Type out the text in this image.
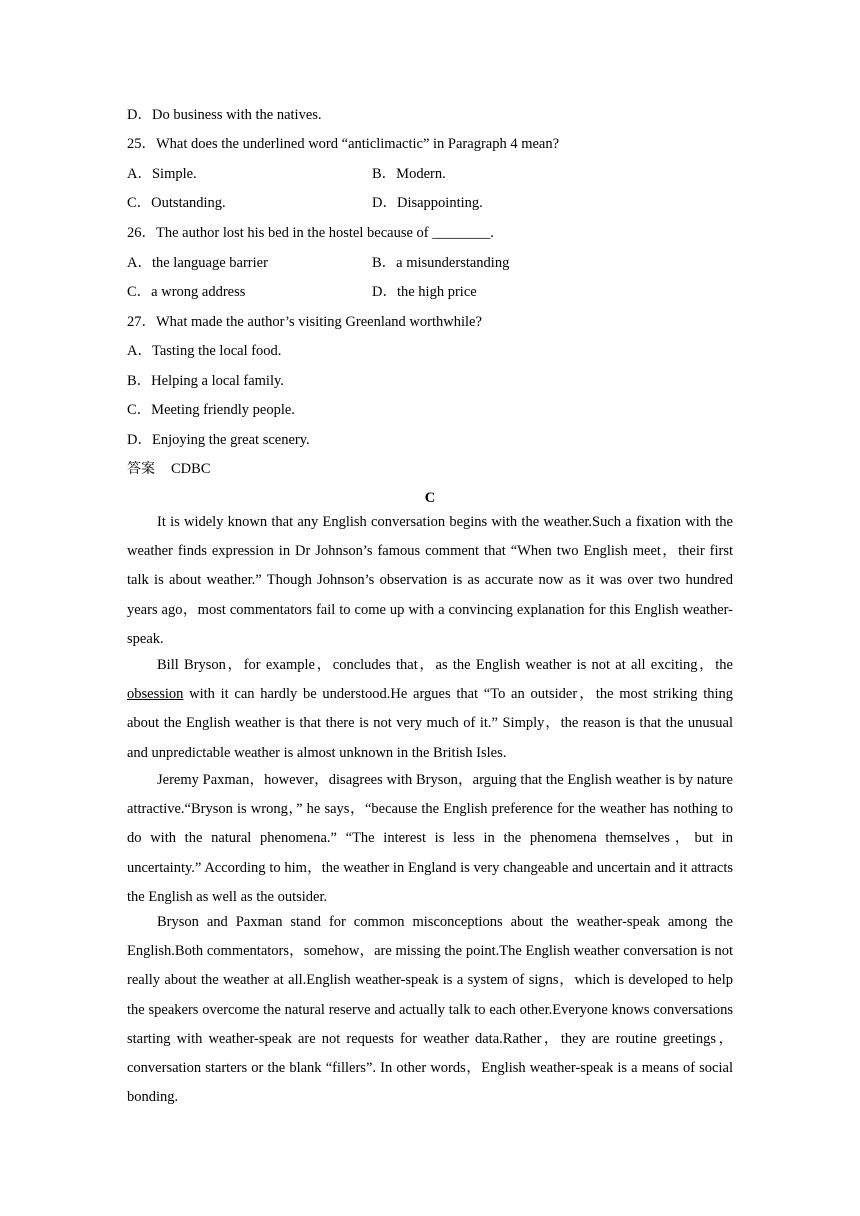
D．Do business with the natives.
25．What does the underlined word “anticlimactic” in Paragraph 4 mean?
A．Simple.	B．Modern.
C．Outstanding.	D．Disappointing.
26．The author lost his bed in the hostel because of ________.
A．the language barrier	B．a misunderstanding
C．a wrong address	D．the high price
27．What made the author’s visiting Greenland worthwhile?
A．Tasting the local food.
B．Helping a local family.
C．Meeting friendly people.
D．Enjoying the great scenery.
答案 CDBC
C
It is widely known that any English conversation begins with the weather.Such a fixation with the weather finds expression in Dr Johnson’s famous comment that “When two English meet，their first talk is about weather.” Though Johnson’s observation is as accurate now as it was over two hundred years ago，most commentators fail to come up with a convincing explanation for this English weather-speak.
Bill Bryson，for example，concludes that，as the English weather is not at all exciting，the obsession with it can hardly be understood.He argues that “To an outsider，the most striking thing about the English weather is that there is not very much of it.” Simply，the reason is that the unusual and unpredictable weather is almost unknown in the British Isles.
Jeremy Paxman，however，disagrees with Bryson，arguing that the English weather is by nature attractive.“Bryson is wrong，” he says，“because the English preference for the weather has nothing to do with the natural phenomena.” “The interest is less in the phenomena themselves，but in uncertainty.” According to him，the weather in England is very changeable and uncertain and it attracts the English as well as the outsider.
Bryson and Paxman stand for common misconceptions about the weather-speak among the English.Both commentators，somehow，are missing the point.The English weather conversation is not really about the weather at all.English weather-speak is a system of signs，which is developed to help the speakers overcome the natural reserve and actually talk to each other.Everyone knows conversations starting with weather-speak are not requests for weather data.Rather，they are routine greetings，conversation starters or the blank “fillers”. In other words，English weather-speak is a means of social bonding.
